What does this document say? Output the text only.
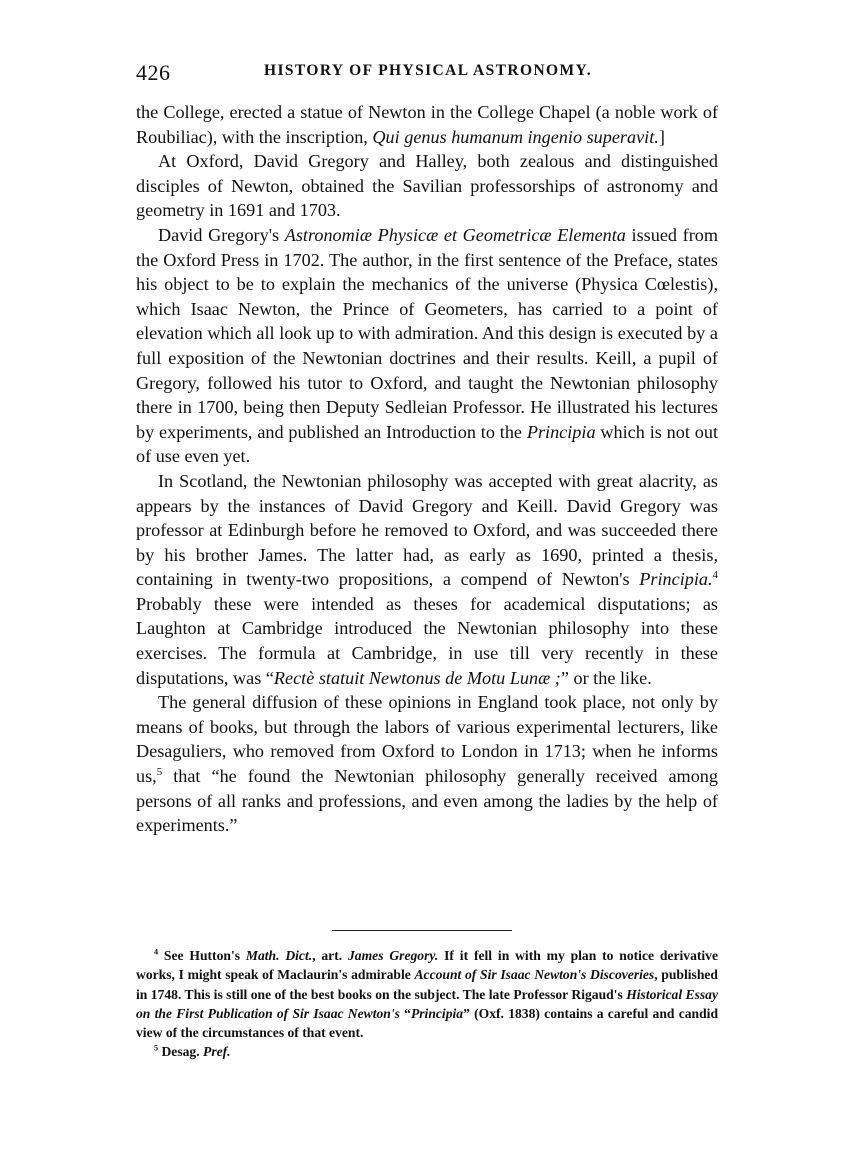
426	HISTORY OF PHYSICAL ASTRONOMY.

the College, erected a statue of Newton in the College Chapel (a noble work of Roubiliac), with the inscription, Qui genus humanum ingenio superavit.]

At Oxford, David Gregory and Halley, both zealous and distinguished disciples of Newton, obtained the Savilian professorships of astronomy and geometry in 1691 and 1703.

David Gregory's Astronomiæ Physicæ et Geometricæ Elementa issued from the Oxford Press in 1702. The author, in the first sentence of the Preface, states his object to be to explain the mechanics of the universe (Physica Cœlestis), which Isaac Newton, the Prince of Geometers, has carried to a point of elevation which all look up to with admiration. And this design is executed by a full exposition of the Newtonian doctrines and their results. Keill, a pupil of Gregory, followed his tutor to Oxford, and taught the Newtonian philosophy there in 1700, being then Deputy Sedleian Professor. He illustrated his lectures by experiments, and published an Introduction to the Principia which is not out of use even yet.

In Scotland, the Newtonian philosophy was accepted with great alacrity, as appears by the instances of David Gregory and Keill. David Gregory was professor at Edinburgh before he removed to Oxford, and was succeeded there by his brother James. The latter had, as early as 1690, printed a thesis, containing in twenty-two propositions, a compend of Newton's Principia.$^4$ Probably these were intended as theses for academical disputations; as Laughton at Cambridge introduced the Newtonian philosophy into these exercises. The formula at Cambridge, in use till very recently in these disputations, was “Rectè statuit Newtonus de Motu Lunæ ;” or the like.

The general diffusion of these opinions in England took place, not only by means of books, but through the labors of various experimental lecturers, like Desaguliers, who removed from Oxford to London in 1713; when he informs us,$^5$ that “he found the Newtonian philosophy generally received among persons of all ranks and professions, and even among the ladies by the help of experiments.”

$^4$ See Hutton's Math. Dict., art. James Gregory. If it fell in with my plan to notice derivative works, I might speak of Maclaurin's admirable Account of Sir Isaac Newton's Discoveries, published in 1748. This is still one of the best books on the subject. The late Professor Rigaud's Historical Essay on the First Publication of Sir Isaac Newton's “Principia” (Oxf. 1838) contains a careful and candid view of the circumstances of that event.

$^5$ Desag. Pref.
